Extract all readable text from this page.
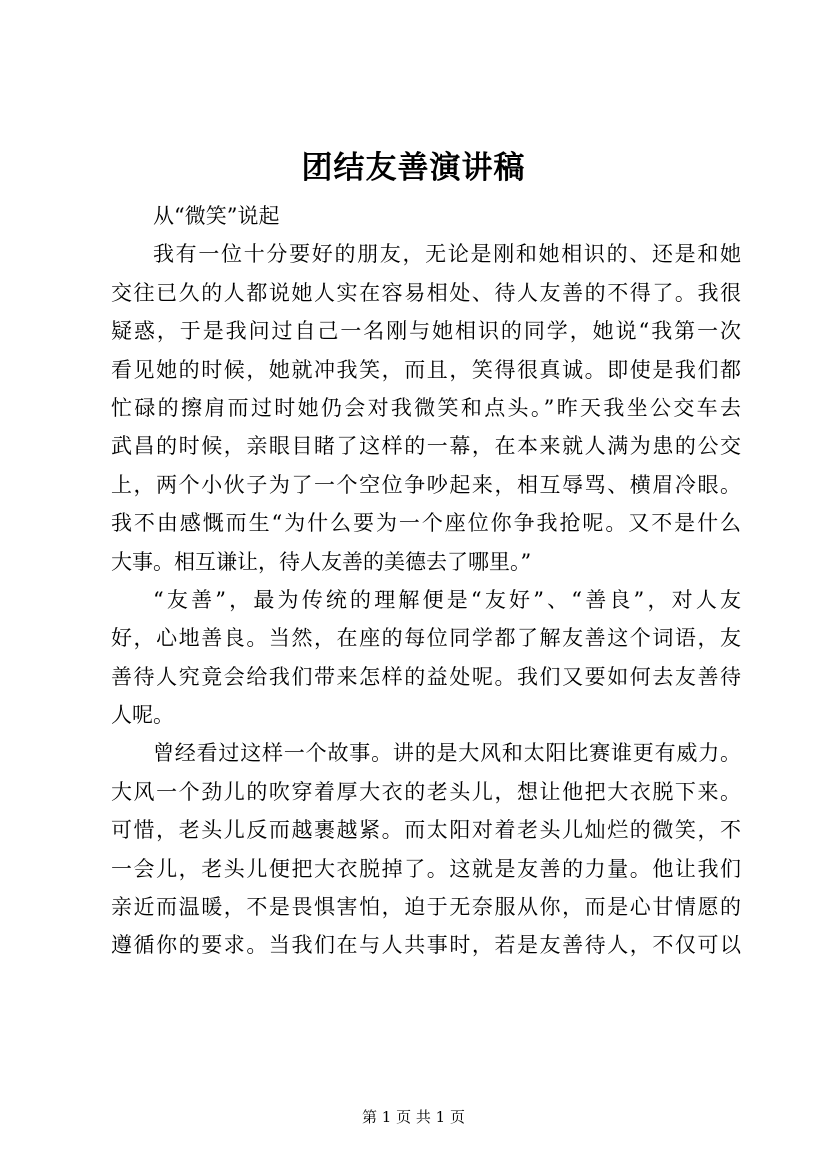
团结友善演讲稿
从“微笑”说起
我有一位十分要好的朋友，无论是刚和她相识的、还是和她
交往已久的人都说她人实在容易相处、待人友善的不得了。我很
疑惑，于是我问过自己一名刚与她相识的同学，她说“我第一次
看见她的时候，她就冲我笑，而且，笑得很真诚。即使是我们都
忙碌的擦肩而过时她仍会对我微笑和点头。”昨天我坐公交车去
武昌的时候，亲眼目睹了这样的一幕，在本来就人满为患的公交
上，两个小伙子为了一个空位争吵起来，相互辱骂、横眉冷眼。
我不由感慨而生“为什么要为一个座位你争我抢呢。又不是什么
大事。相互谦让，待人友善的美德去了哪里。”
“友善”，最为传统的理解便是“友好”、“善良”，对人友
好，心地善良。当然，在座的每位同学都了解友善这个词语，友
善待人究竟会给我们带来怎样的益处呢。我们又要如何去友善待
人呢。
曾经看过这样一个故事。讲的是大风和太阳比赛谁更有威力。
大风一个劲儿的吹穿着厚大衣的老头儿，想让他把大衣脱下来。
可惜，老头儿反而越裹越紧。而太阳对着老头儿灿烂的微笑，不
一会儿，老头儿便把大衣脱掉了。这就是友善的力量。他让我们
亲近而温暖，不是畏惧害怕，迫于无奈服从你，而是心甘情愿的
遵循你的要求。当我们在与人共事时，若是友善待人，不仅可以
第 1 页 共 1 页
